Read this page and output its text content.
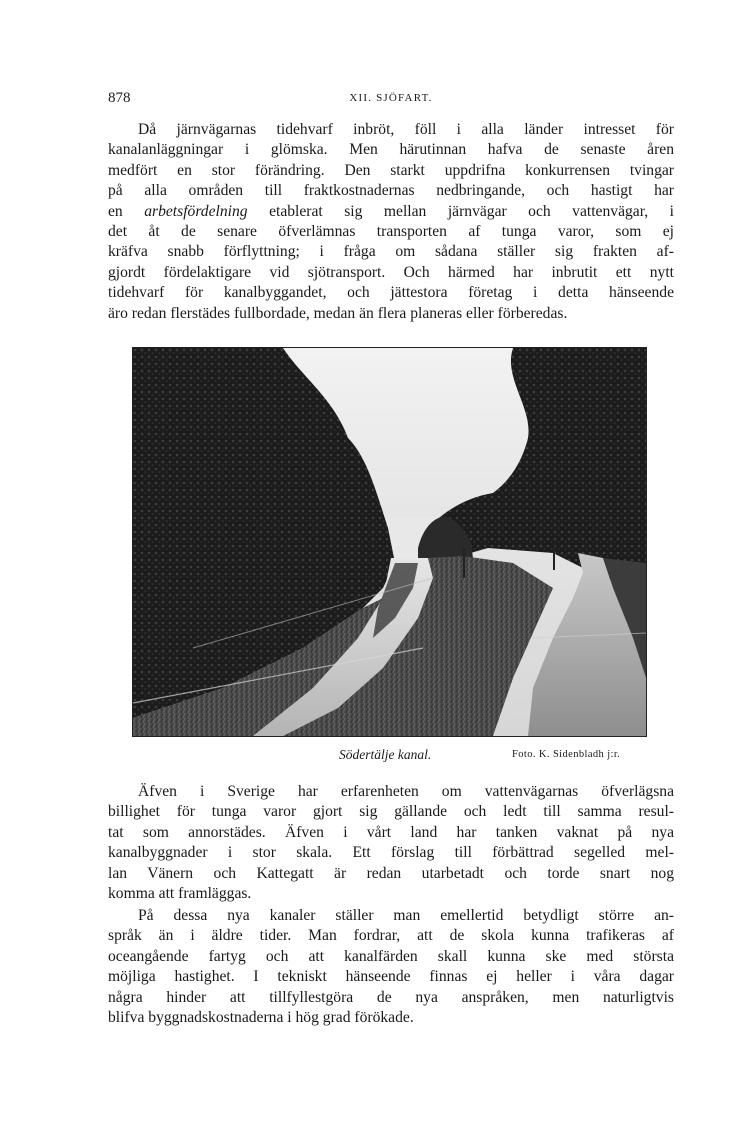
878	XII. SJÖFART.

Då järnvägarnas tidehvarf inbröt, föll i alla länder intresset för
kanalanläggningar i glömska. Men härutinnan hafva de senaste åren
medfört en stor förändring. Den starkt uppdrifna konkurrensen tvingar
på alla områden till fraktkostnadernas nedbringande, och hastigt har
en arbetsfördelning etablerat sig mellan järnvägar och vattenvägar, i
det åt de senare öfverlämnas transporten af tunga varor, som ej
kräfva snabb förflyttning; i fråga om sådana ställer sig frakten af-
gjordt fördelaktigare vid sjötransport. Och härmed har inbrutit ett nytt
tidehvarf för kanalbyggandet, och jättestora företag i detta hänseende
äro redan flerstädes fullbordade, medan än flera planeras eller förberedas.

Södertälje kanal.	Foto. K. Sidenbladh j:r.

Äfven i Sverige har erfarenheten om vattenvägarnas öfverlägsna
billighet för tunga varor gjort sig gällande och ledt till samma resul-
tat som annorstädes. Äfven i vårt land har tanken vaknat på nya
kanalbyggnader i stor skala. Ett förslag till förbättrad segelled mel-
lan Vänern och Kattegatt är redan utarbetadt och torde snart nog
komma att framläggas.

På dessa nya kanaler ställer man emellertid betydligt större an-
språk än i äldre tider. Man fordrar, att de skola kunna trafikeras af
oceangående fartyg och att kanalfärden skall kunna ske med största
möjliga hastighet. I tekniskt hänseende finnas ej heller i våra dagar
några hinder att tillfyllestgöra de nya anspråken, men naturligtvis
blifva byggnadskostnaderna i hög grad förökade.
